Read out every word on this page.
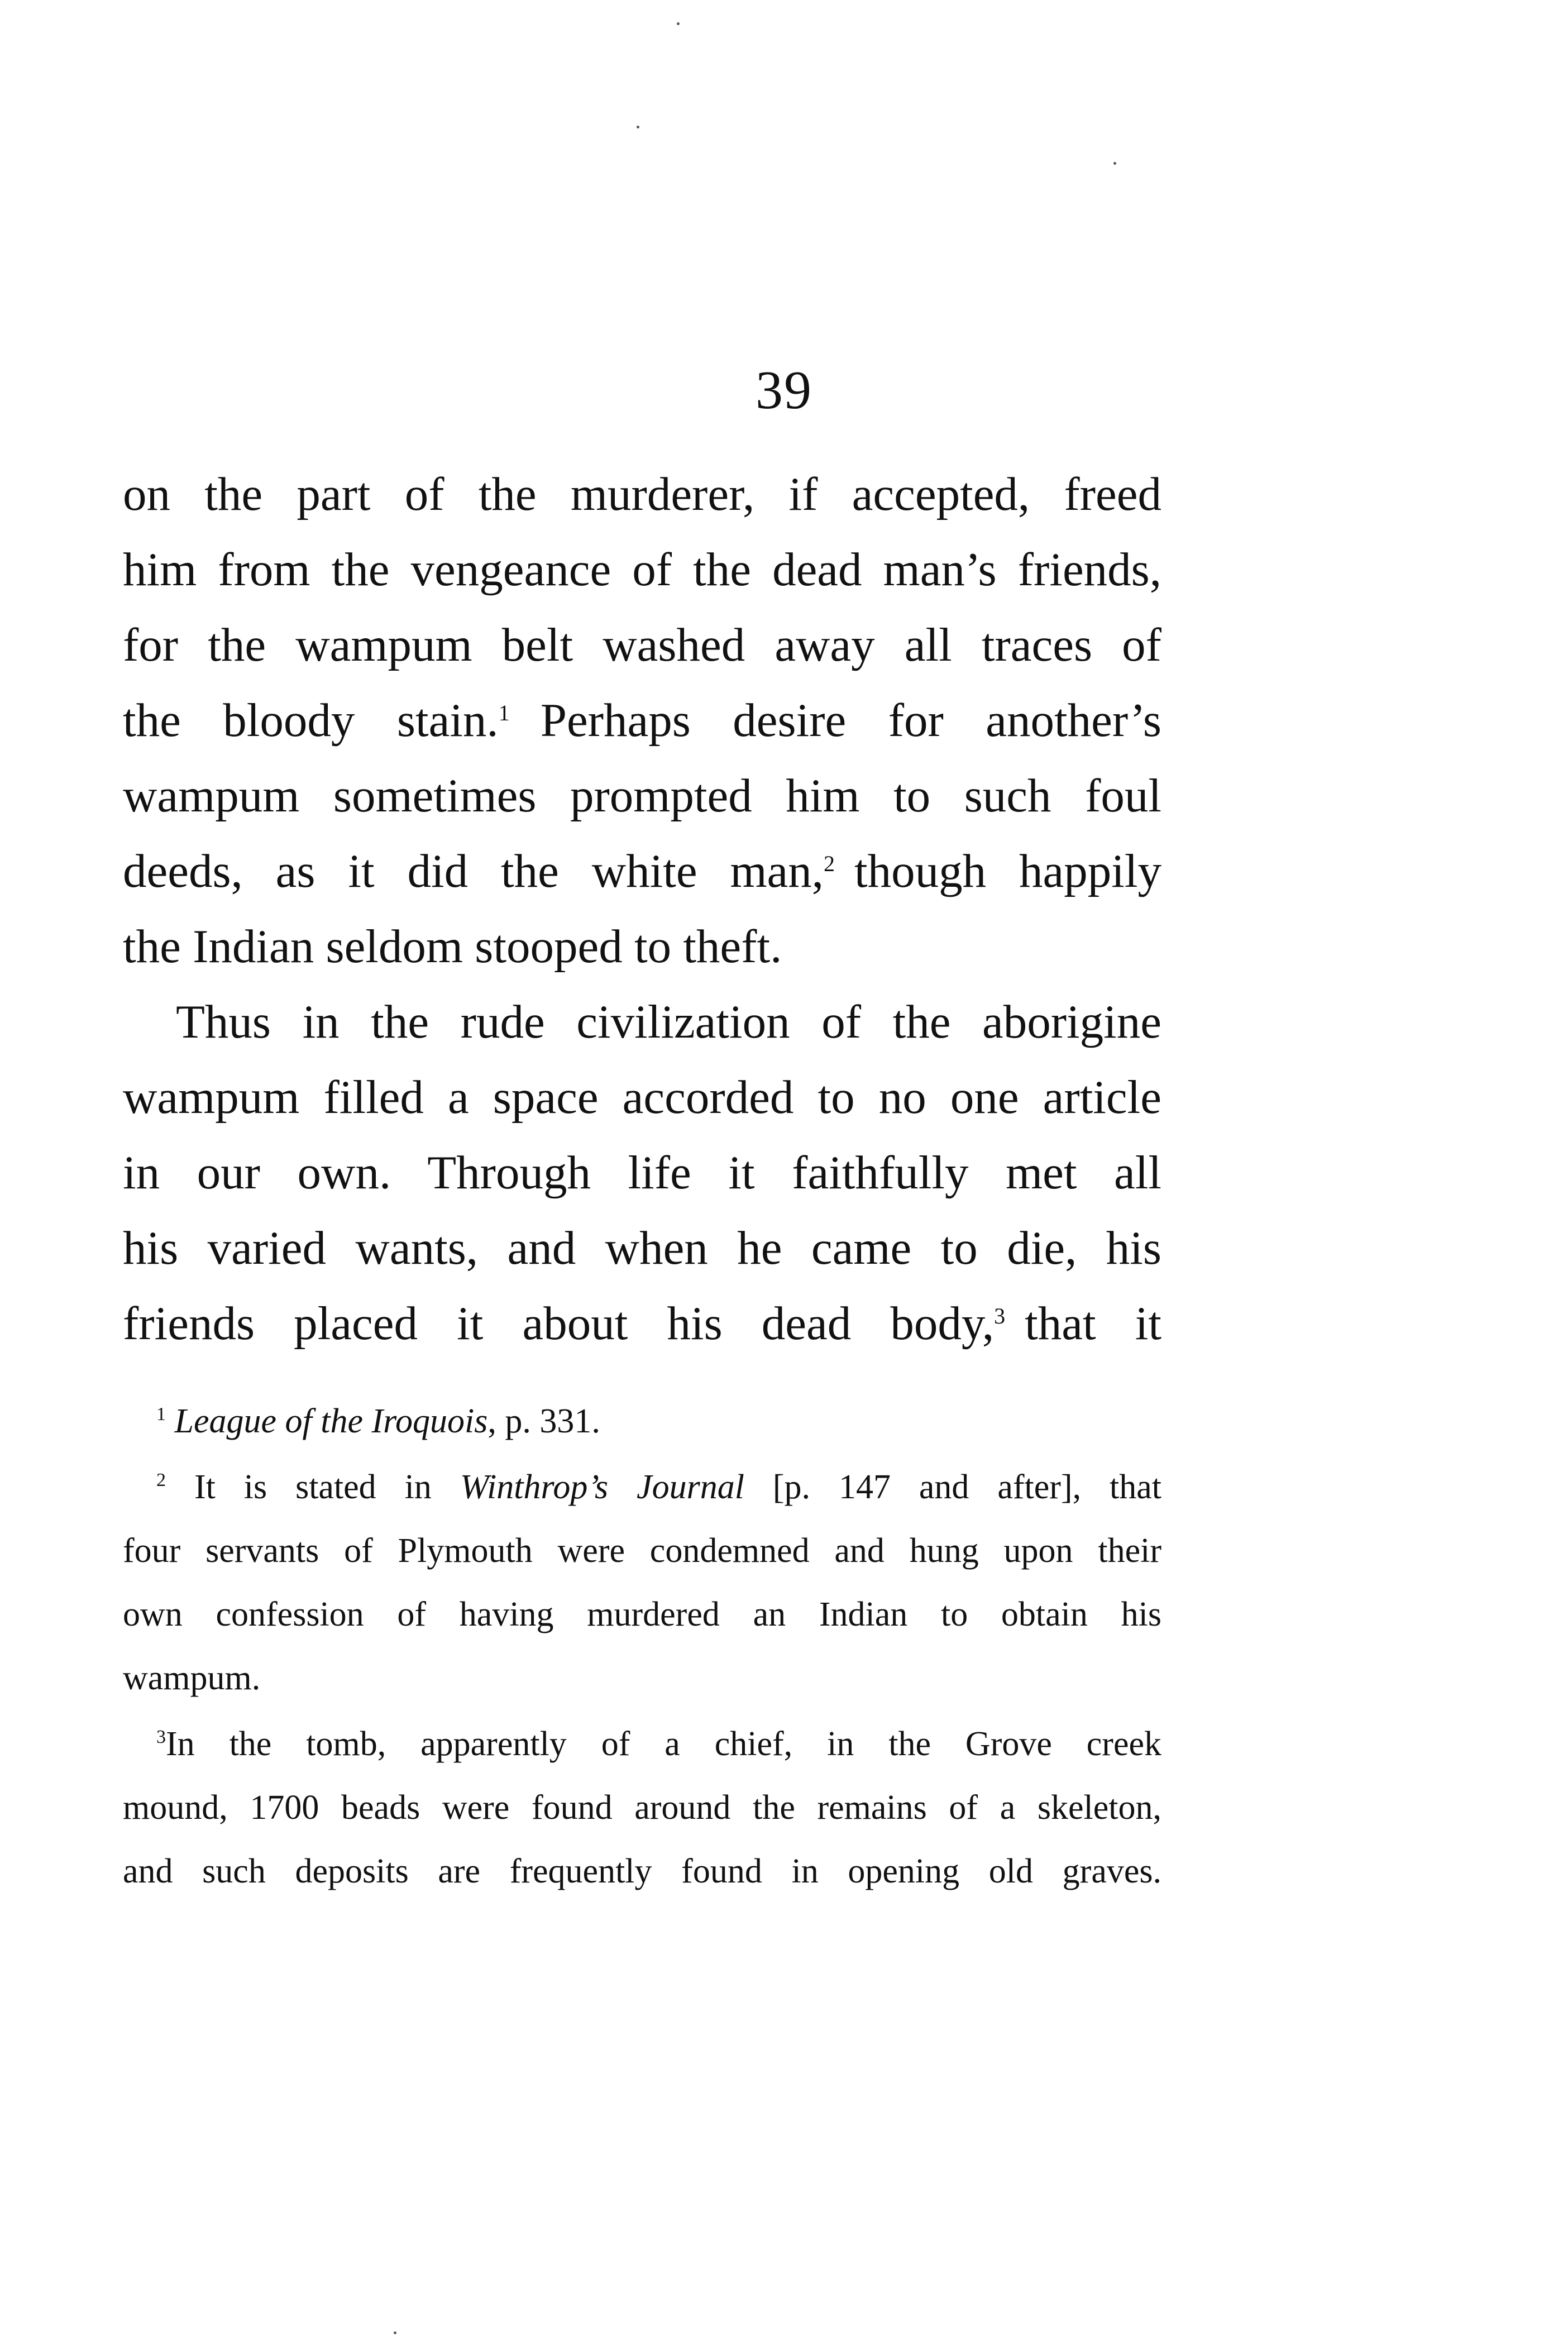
39
on the part of the murderer, if accepted, freed
him from the vengeance of the dead man’s friends,
for the wampum belt washed away all traces of
the bloody stain.$^1$ Perhaps desire for another’s
wampum sometimes prompted him to such foul
deeds, as it did the white man,$^2$ though happily
the Indian seldom stooped to theft.
Thus in the rude civilization of the aborigine
wampum filled a space accorded to no one article
in our own. Through life it faithfully met all
his varied wants, and when he came to die, his
friends placed it about his dead body,$^3$ that it
$^1$ League of the Iroquois, p. 331.
$^2$ It is stated in Winthrop’s Journal [p. 147 and after], that
four servants of Plymouth were condemned and hung upon their
own confession of having murdered an Indian to obtain his
wampum.
$^3$In the tomb, apparently of a chief, in the Grove creek
mound, 1700 beads were found around the remains of a skeleton,
and such deposits are frequently found in opening old graves.
